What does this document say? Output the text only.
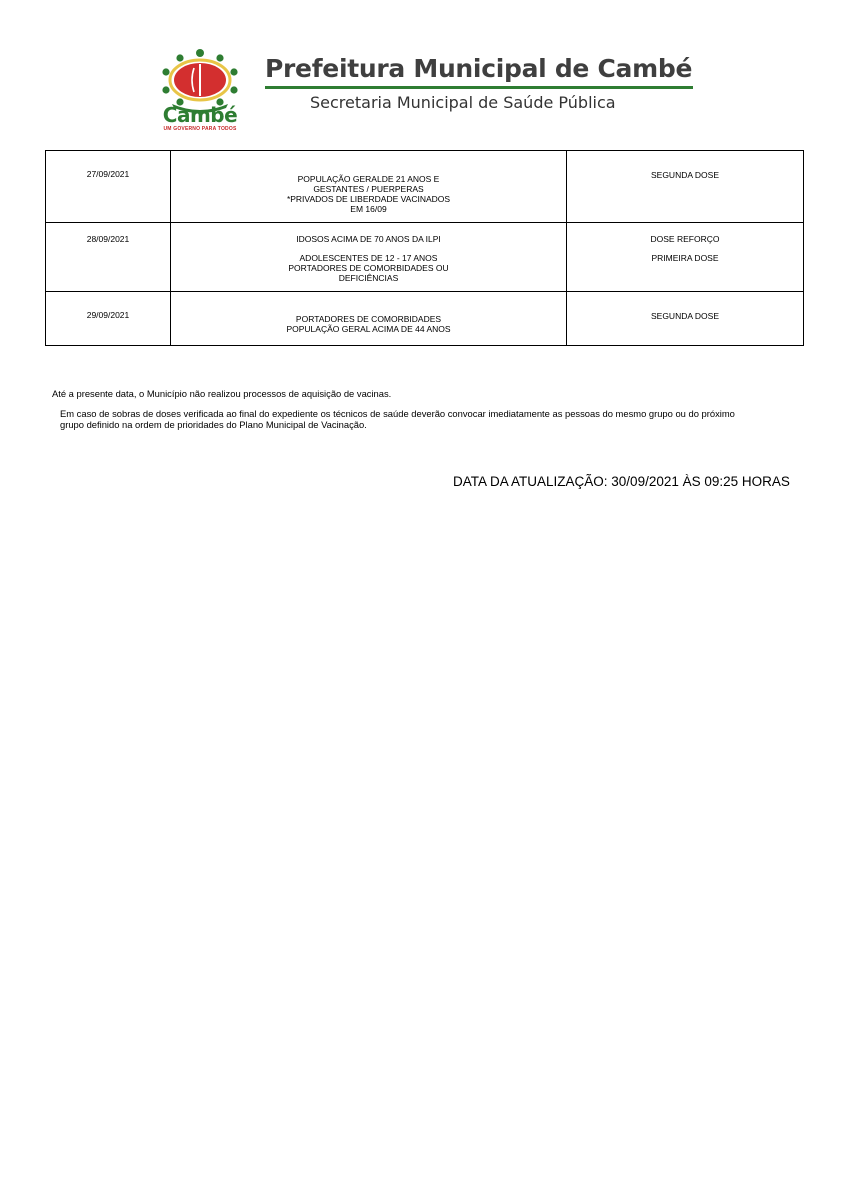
Cambé
UM GOVERNO PARA TODOS
Prefeitura Municipal de Cambé
Secretaria Municipal de Saúde Pública
27/09/2021	POPULAÇÃO GERALDE 21 ANOS E
GESTANTES / PUERPERAS
*PRIVADOS DE LIBERDADE VACINADOS
EM 16/09	SEGUNDA DOSE

28/09/2021	IDOSOS ACIMA DE 70 ANOS DA ILPI
ADOLESCENTES DE 12 - 17 ANOS
PORTADORES DE COMORBIDADES OU
DEFICIÊNCIAS	DOSE REFORÇO
PRIMEIRA DOSE

29/09/2021	PORTADORES DE COMORBIDADES
POPULAÇÃO GERAL ACIMA DE 44 ANOS	SEGUNDA DOSE
Até a presente data, o Município não realizou processos de aquisição de vacinas.
Em caso de sobras de doses verificada ao final do expediente os técnicos de saúde deverão convocar imediatamente as pessoas do mesmo grupo ou do próximo grupo definido na ordem de prioridades do Plano Municipal de Vacinação.
DATA DA ATUALIZAÇÃO: 30/09/2021 ÀS 09:25 HORAS
